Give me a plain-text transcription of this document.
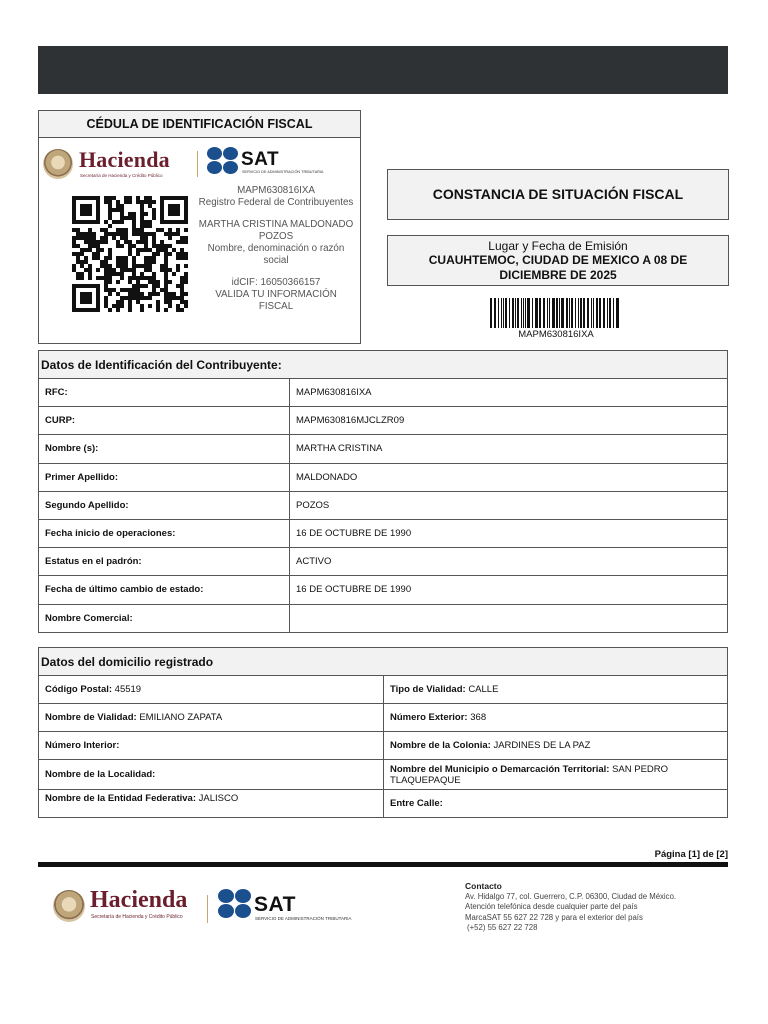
CÉDULA DE IDENTIFICACIÓN FISCAL
Hacienda
Secretaría de Hacienda y Crédito Público
SAT
SERVICIO DE ADMINISTRACIÓN TRIBUTARIA
MAPM630816IXA
Registro Federal de Contribuyentes
MARTHA CRISTINA MALDONADO POZOS
Nombre, denominación o razón social
idCIF: 16050366157
VALIDA TU INFORMACIÓN FISCAL
CONSTANCIA DE SITUACIÓN FISCAL
Lugar y Fecha de Emisión
CUAUHTEMOC, CIUDAD DE MEXICO A 08 DE DICIEMBRE DE 2025
MAPM630816IXA
Datos de Identificación del Contribuyente:	
RFC:	MAPM630816IXA
CURP:	MAPM630816MJCLZR09
Nombre (s):	MARTHA CRISTINA
Primer Apellido:	MALDONADO
Segundo Apellido:	POZOS
Fecha inicio de operaciones:	16 DE OCTUBRE DE 1990
Estatus en el padrón:	ACTIVO
Fecha de último cambio de estado:	16 DE OCTUBRE DE 1990
Nombre Comercial:	
Datos del domicilio registrado	
Código Postal: 45519	Tipo de Vialidad: CALLE
Nombre de Vialidad: EMILIANO ZAPATA	Número Exterior: 368
Número Interior:	Nombre de la Colonia: JARDINES DE LA PAZ
Nombre de la Localidad:	Nombre del Municipio o Demarcación Territorial: SAN PEDRO TLAQUEPAQUE
Nombre de la Entidad Federativa: JALISCO	Entre Calle:
Página [1] de [2]
Hacienda
Secretaría de Hacienda y Crédito Público
SAT
SERVICIO DE ADMINISTRACIÓN TRIBUTARIA
Contacto
Av. Hidalgo 77, col. Guerrero, C.P. 06300, Ciudad de México.
Atención telefónica desde cualquier parte del país
MarcaSAT 55 627 22 728 y para el exterior del país
(+52) 55 627 22 728
